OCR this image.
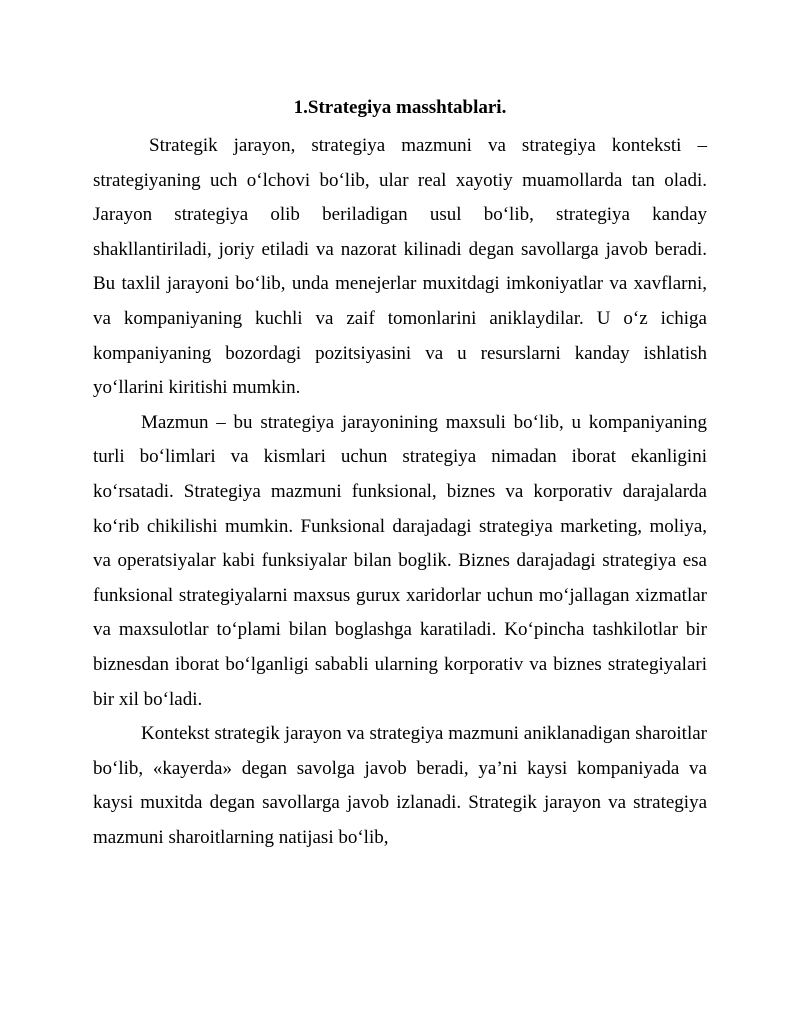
1.Strategiya masshtablari.

Strategik jarayon, strategiya mazmuni va strategiya konteksti – strategiyaning uch o‘lchovi bo‘lib, ular real xayotiy muamollarda tan oladi. Jarayon strategiya olib beriladigan usul bo‘lib, strategiya kanday shakllantiriladi, joriy etiladi va nazorat kilinadi degan savollarga javob beradi. Bu taxlil jarayoni bo‘lib, unda menejerlar muxitdagi imkoniyatlar va xavflarni, va kompaniyaning kuchli va zaif tomonlarini aniklaydilar. U o‘z ichiga kompaniyaning bozordagi pozitsiyasini va u resurslarni kanday ishlatish yo‘llarini kiritishi mumkin.

Mazmun – bu strategiya jarayonining maxsuli bo‘lib, u kompaniyaning turli bo‘limlari va kismlari uchun strategiya nimadan iborat ekanligini ko‘rsatadi. Strategiya mazmuni funksional, biznes va korporativ darajalarda ko‘rib chikilishi mumkin. Funksional darajadagi strategiya marketing, moliya, va operatsiyalar kabi funksiyalar bilan boglik. Biznes darajadagi strategiya esa funksional strategiyalarni maxsus gurux xaridorlar uchun mo‘jallagan xizmatlar va maxsulotlar to‘plami bilan boglashga karatiladi. Ko‘pincha tashkilotlar bir biznesdan iborat bo‘lganligi sababli ularning korporativ va biznes strategiyalari bir xil bo‘ladi.

Kontekst strategik jarayon va strategiya mazmuni aniklanadigan sharoitlar bo‘lib, «kayerda» degan savolga javob beradi, ya’ni kaysi kompaniyada va kaysi muxitda degan savollarga javob izlanadi. Strategik jarayon va strategiya mazmuni sharoitlarning natijasi bo‘lib,
